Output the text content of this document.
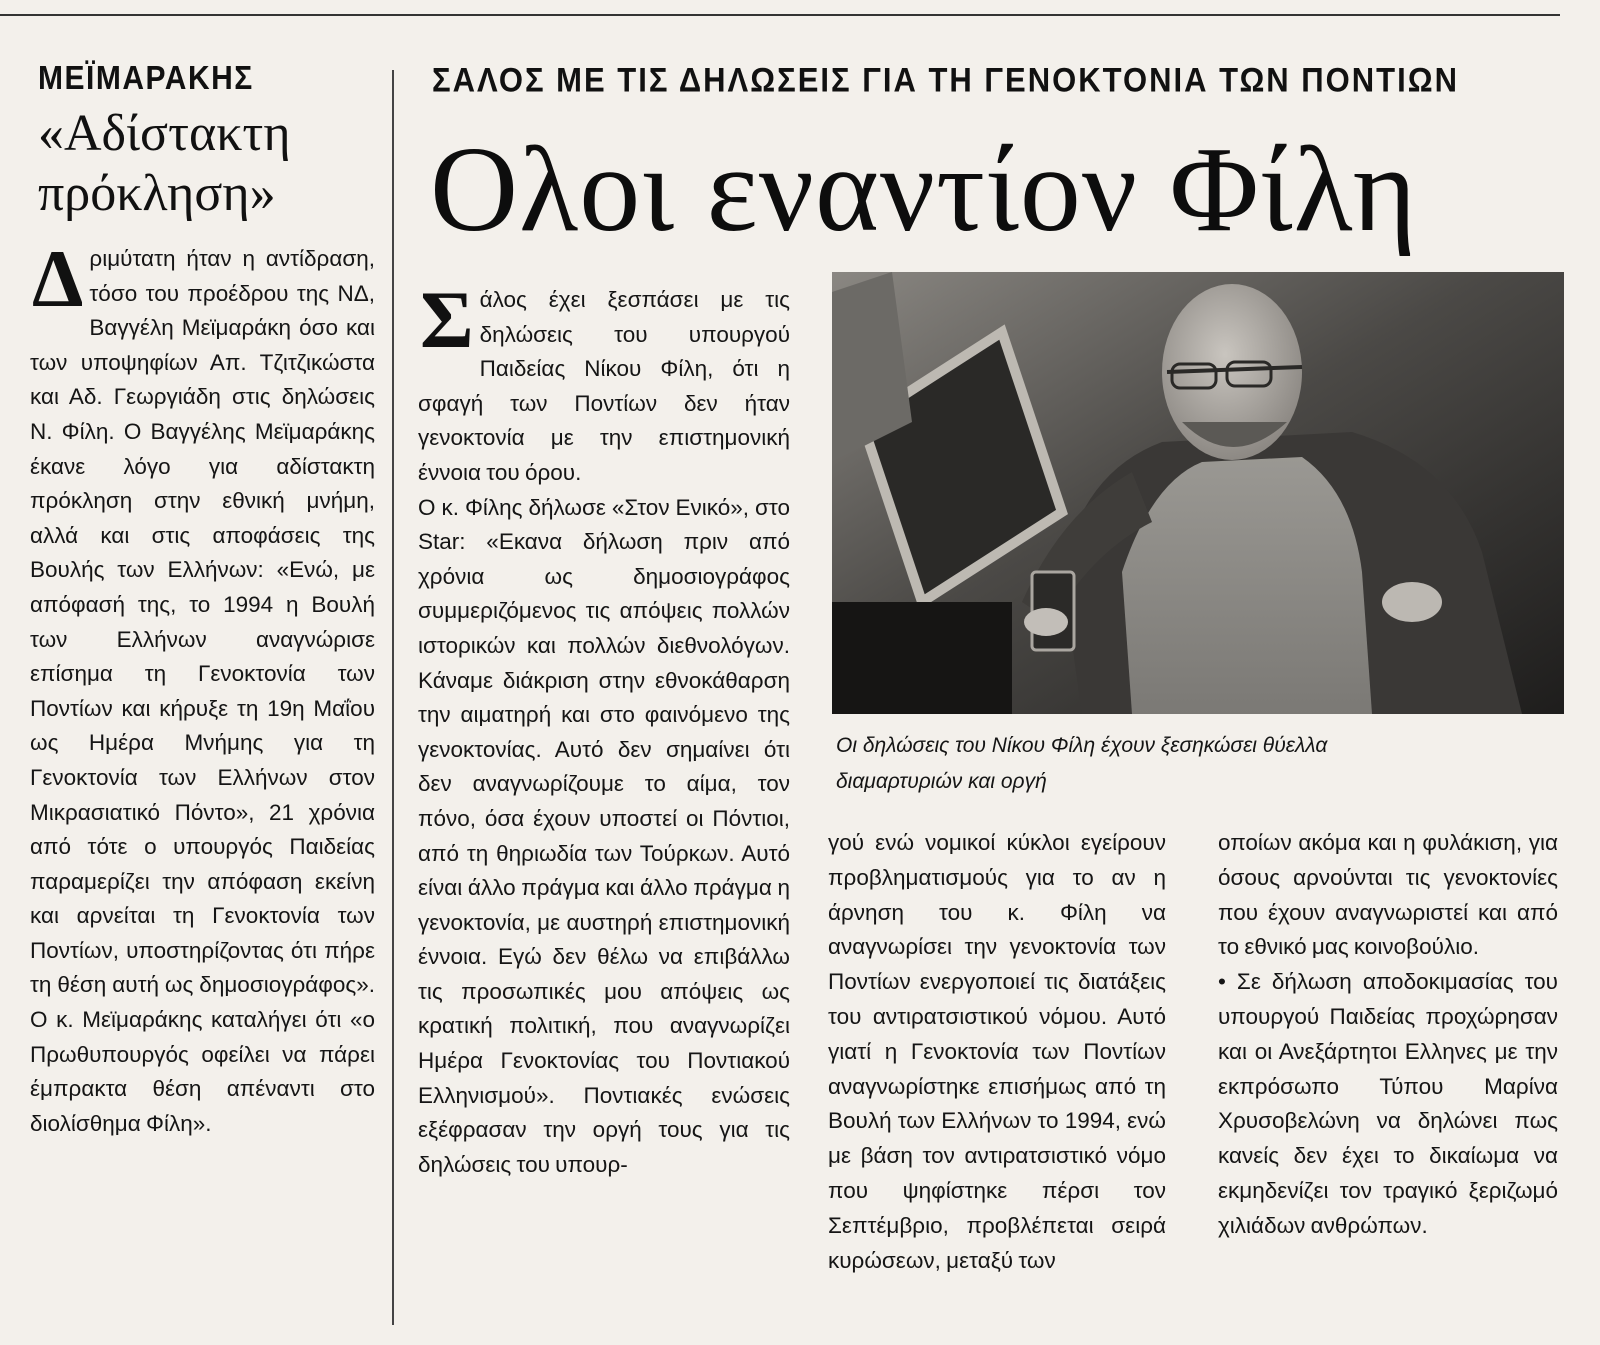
ΜΕΪΜΑΡΑΚΗΣ
«Αδίστακτη πρόκληση»
Δριμύτατη ήταν η αντίδραση, τόσο του προέδρου της ΝΔ, Βαγγέλη Μεϊμαράκη όσο και των υποψηφίων Απ. Τζιτζικώστα και Αδ. Γεωργιάδη στις δηλώσεις Ν. Φίλη. Ο Βαγγέλης Μεϊμαράκης έκανε λόγο για αδίστακτη πρόκληση στην εθνική μνήμη, αλλά και στις αποφάσεις της Βουλής των Ελλήνων: «Ενώ, με απόφασή της, το 1994 η Βουλή των Ελλήνων αναγνώρισε επίσημα τη Γενοκτονία των Ποντίων και κήρυξε τη 19η Μαΐου ως Ημέρα Μνήμης για τη Γενοκτονία των Ελλήνων στον Μικρασιατικό Πόντο», 21 χρόνια από τότε ο υπουργός Παιδείας παραμερίζει την απόφαση εκείνη και αρνείται τη Γενοκτονία των Ποντίων, υποστηρίζοντας ότι πήρε τη θέση αυτή ως δημοσιογράφος». Ο κ. Μεϊμαράκης καταλήγει ότι «ο Πρωθυπουργός οφείλει να πάρει έμπρακτα θέση απέναντι στο διολίσθημα Φίλη».
ΣΑΛΟΣ ΜΕ ΤΙΣ ΔΗΛΩΣΕΙΣ ΓΙΑ ΤΗ ΓΕΝΟΚΤΟΝΙΑ ΤΩΝ ΠΟΝΤΙΩΝ
Ολοι εναντίον Φίλη
Σάλος έχει ξεσπάσει με τις δηλώσεις του υπουργού Παιδείας Νίκου Φίλη, ότι η σφαγή των Ποντίων δεν ήταν γενοκτονία με την επιστημονική έννοια του όρου.
Ο κ. Φίλης δήλωσε «Στον Ενικό», στο Star: «Εκανα δήλωση πριν από χρόνια ως δημοσιογράφος συμμεριζόμενος τις απόψεις πολλών ιστορικών και πολλών διεθνολόγων. Κάναμε διάκριση στην εθνοκάθαρση την αιματηρή και στο φαινόμενο της γενοκτονίας. Αυτό δεν σημαίνει ότι δεν αναγνωρίζουμε το αίμα, τον πόνο, όσα έχουν υποστεί οι Πόντιοι, από τη θηριωδία των Τούρκων. Αυτό είναι άλλο πράγμα και άλλο πράγμα η γενοκτονία, με αυστηρή επιστημονική έννοια. Εγώ δεν θέλω να επιβάλλω τις προσωπικές μου απόψεις ως κρατική πολιτική, που αναγνωρίζει Ημέρα Γενοκτονίας του Ποντιακού Ελληνισμού». Ποντιακές ενώσεις εξέφρασαν την οργή τους για τις δηλώσεις του υπουρ-

Οι δηλώσεις του Νίκου Φίλη έχουν ξεσηκώσει θύελλα
διαμαρτυριών και οργή

γού ενώ νομικοί κύκλοι εγείρουν προβληματισμούς για το αν η άρνηση του κ. Φίλη να αναγνωρίσει την γενοκτονία των Ποντίων ενεργοποιεί τις διατάξεις του αντιρατσιστικού νόμου. Αυτό γιατί η Γενοκτονία των Ποντίων αναγνωρίστηκε επισήμως από τη Βουλή των Ελλήνων το 1994, ενώ με βάση τον αντιρατσιστικό νόμο που ψηφίστηκε πέρσι τον Σεπτέμβριο, προβλέπεται σειρά κυρώσεων, μεταξύ των
οποίων ακόμα και η φυλάκιση, για όσους αρνούνται τις γενοκτονίες που έχουν αναγνωριστεί και από το εθνικό μας κοινοβούλιο.
• Σε δήλωση αποδοκιμασίας του υπουργού Παιδείας προχώρησαν και οι Ανεξάρτητοι Ελληνες με την εκπρόσωπο Τύπου Μαρίνα Χρυσοβελώνη να δηλώνει πως κανείς δεν έχει το δικαίωμα να εκμηδενίζει τον τραγικό ξεριζωμό χιλιάδων ανθρώπων.
